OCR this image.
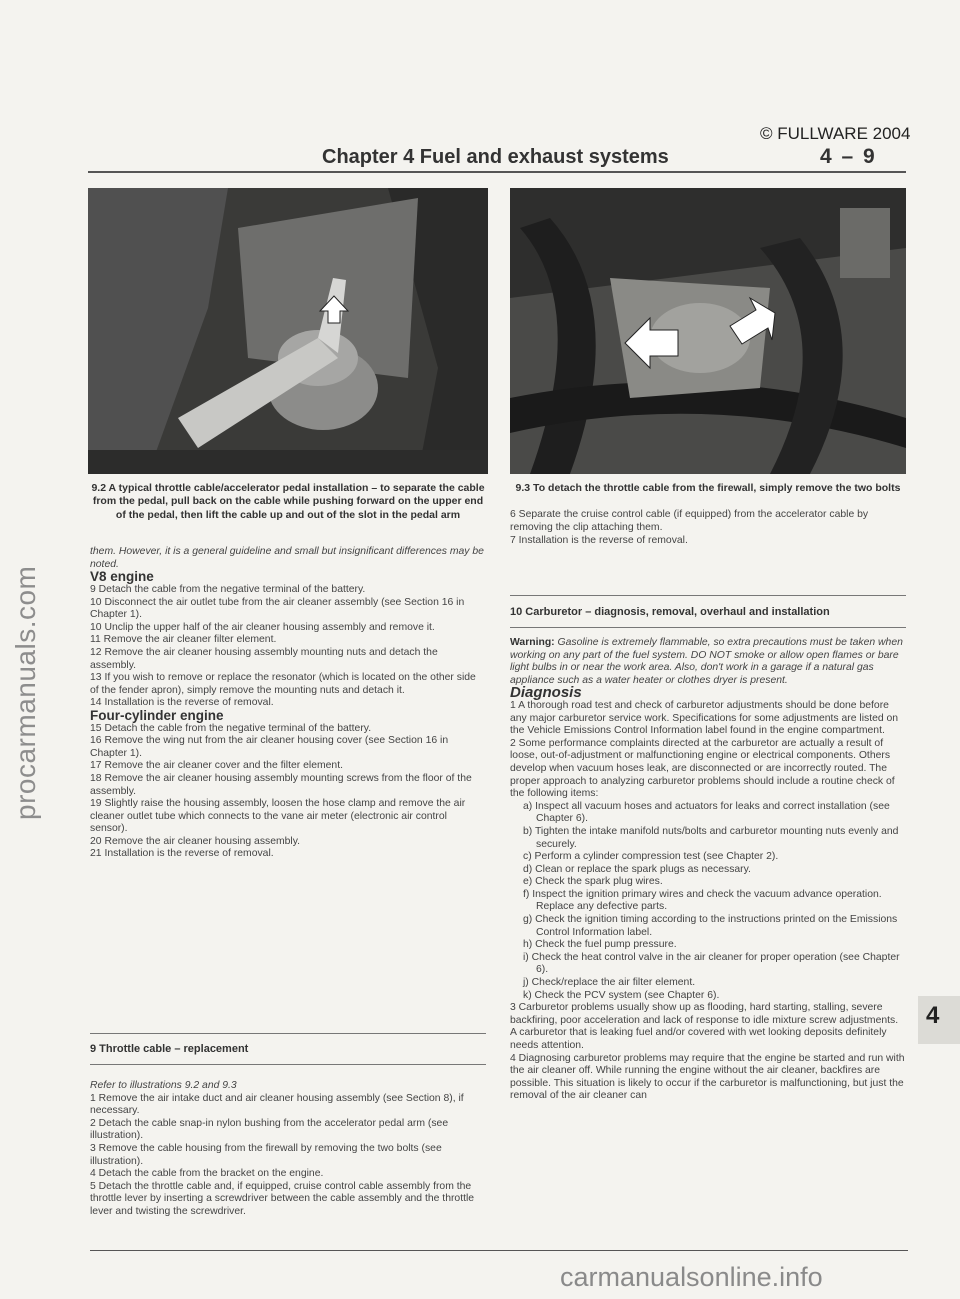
© FULLWARE 2004
Chapter 4 Fuel and exhaust systems	4 – 9

9.2 A typical throttle cable/accelerator pedal installation – to separate the cable from the pedal, pull back on the cable while pushing forward on the upper end of the pedal, then lift the cable up and out of the slot in the pedal arm

them. However, it is a general guideline and small but insignificant differences may be noted.

V8 engine

9 Detach the cable from the negative terminal of the battery.

10 Disconnect the air outlet tube from the air cleaner assembly (see Section 16 in Chapter 1).

10 Unclip the upper half of the air cleaner housing assembly and remove it.

11 Remove the air cleaner filter element.

12 Remove the air cleaner housing assembly mounting nuts and detach the assembly.

13 If you wish to remove or replace the resonator (which is located on the other side of the fender apron), simply remove the mounting nuts and detach it.

14 Installation is the reverse of removal.

Four-cylinder engine

15 Detach the cable from the negative terminal of the battery.

16 Remove the wing nut from the air cleaner housing cover (see Section 16 in Chapter 1).

17 Remove the air cleaner cover and the filter element.

18 Remove the air cleaner housing assembly mounting screws from the floor of the assembly.

19 Slightly raise the housing assembly, loosen the hose clamp and remove the air cleaner outlet tube which connects to the vane air meter (electronic air control sensor).

20 Remove the air cleaner housing assembly.

21 Installation is the reverse of removal.

9 Throttle cable – replacement

Refer to illustrations 9.2 and 9.3

1 Remove the air intake duct and air cleaner housing assembly (see Section 8), if necessary.

2 Detach the cable snap-in nylon bushing from the accelerator pedal arm (see illustration).

3 Remove the cable housing from the firewall by removing the two bolts (see illustration).

4 Detach the cable from the bracket on the engine.

5 Detach the throttle cable and, if equipped, cruise control cable assembly from the throttle lever by inserting a screwdriver between the cable assembly and the throttle lever and twisting the screwdriver.

9.3 To detach the throttle cable from the firewall, simply remove the two bolts

6 Separate the cruise control cable (if equipped) from the accelerator cable by removing the clip attaching them.

7 Installation is the reverse of removal.

10 Carburetor – diagnosis, removal, overhaul and installation

Warning: Gasoline is extremely flammable, so extra precautions must be taken when working on any part of the fuel system. DO NOT smoke or allow open flames or bare light bulbs in or near the work area. Also, don't work in a garage if a natural gas appliance such as a water heater or clothes dryer is present.

Diagnosis

1 A thorough road test and check of carburetor adjustments should be done before any major carburetor service work. Specifications for some adjustments are listed on the Vehicle Emissions Control Information label found in the engine compartment.

2 Some performance complaints directed at the carburetor are actually a result of loose, out-of-adjustment or malfunctioning engine or electrical components. Others develop when vacuum hoses leak, are disconnected or are incorrectly routed. The proper approach to analyzing carburetor problems should include a routine check of the following items:

a) Inspect all vacuum hoses and actuators for leaks and correct installation (see Chapter 6).

b) Tighten the intake manifold nuts/bolts and carburetor mounting nuts evenly and securely.

c) Perform a cylinder compression test (see Chapter 2).

d) Clean or replace the spark plugs as necessary.

e) Check the spark plug wires.

f) Inspect the ignition primary wires and check the vacuum advance operation. Replace any defective parts.

g) Check the ignition timing according to the instructions printed on the Emissions Control Information label.

h) Check the fuel pump pressure.

i) Check the heat control valve in the air cleaner for proper operation (see Chapter 6).

j) Check/replace the air filter element.

k) Check the PCV system (see Chapter 6).

3 Carburetor problems usually show up as flooding, hard starting, stalling, severe backfiring, poor acceleration and lack of response to idle mixture screw adjustments. A carburetor that is leaking fuel and/or covered with wet looking deposits definitely needs attention.

4 Diagnosing carburetor problems may require that the engine be started and run with the air cleaner off. While running the engine without the air cleaner, backfires are possible. This situation is likely to occur if the carburetor is malfunctioning, but just the removal of the air cleaner can

4
procarmanuals.com
carmanualsonline.info
